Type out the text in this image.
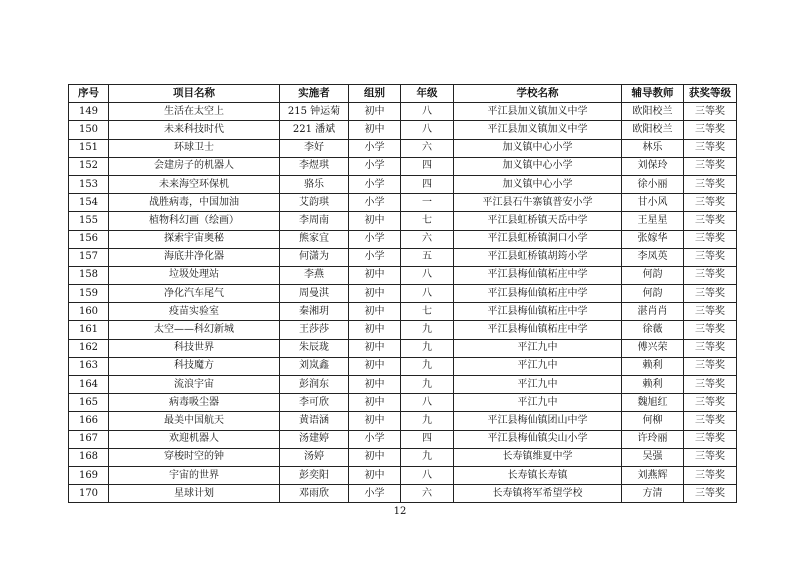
序号	项目名称	实施者	组别	年级	学校名称	辅导教师	获奖等级
149	生活在太空上	215 钟运菊	初中	八	平江县加义镇加义中学	欧阳校兰	三等奖
150	未来科技时代	221 潘斌	初中	八	平江县加义镇加义中学	欧阳校兰	三等奖
151	环球卫士	李好	小学	六	加义镇中心小学	林乐	三等奖
152	会建房子的机器人	李煜琪	小学	四	加义镇中心小学	刘保玲	三等奖
153	未来海空环保机	骆乐	小学	四	加义镇中心小学	徐小丽	三等奖
154	战胜病毒，中国加油	艾韵琪	小学	一	平江县石牛寨镇普安小学	甘小风	三等奖
155	植物科幻画（绘画）	李周南	初中	七	平江县虹桥镇天岳中学	王星星	三等奖
156	探索宇宙奥秘	熊家宜	小学	六	平江县虹桥镇洞口小学	张嫁华	三等奖
157	海底井净化器	何潇为	小学	五	平江县虹桥镇胡筠小学	李凤英	三等奖
158	垃圾处理站	李燕	初中	八	平江县梅仙镇柘庄中学	何韵	三等奖
159	净化汽车尾气	周曼淇	初中	八	平江县梅仙镇柘庄中学	何韵	三等奖
160	疫苗实验室	秦湘玥	初中	七	平江县梅仙镇柘庄中学	湛肖肖	三等奖
161	太空——科幻新城	王莎莎	初中	九	平江县梅仙镇柘庄中学	徐薇	三等奖
162	科技世界	朱辰珑	初中	九	平江九中	傅兴荣	三等奖
163	科技魔方	刘岚鑫	初中	九	平江九中	赖利	三等奖
164	流浪宇宙	彭润东	初中	九	平江九中	赖利	三等奖
165	病毒吸尘器	李可欣	初中	八	平江九中	魏旭红	三等奖
166	最美中国航天	黄语涵	初中	九	平江县梅仙镇团山中学	何柳	三等奖
167	欢迎机器人	汤建婷	小学	四	平江县梅仙镇尖山小学	许玲丽	三等奖
168	穿梭时空的钟	汤婷	初中	九	长寿镇维夏中学	吴强	三等奖
169	宇宙的世界	彭奕阳	初中	八	长寿镇长寿镇	刘燕辉	三等奖
170	星球计划	邓雨欣	小学	六	长寿镇将军希望学校	方清	三等奖
12
